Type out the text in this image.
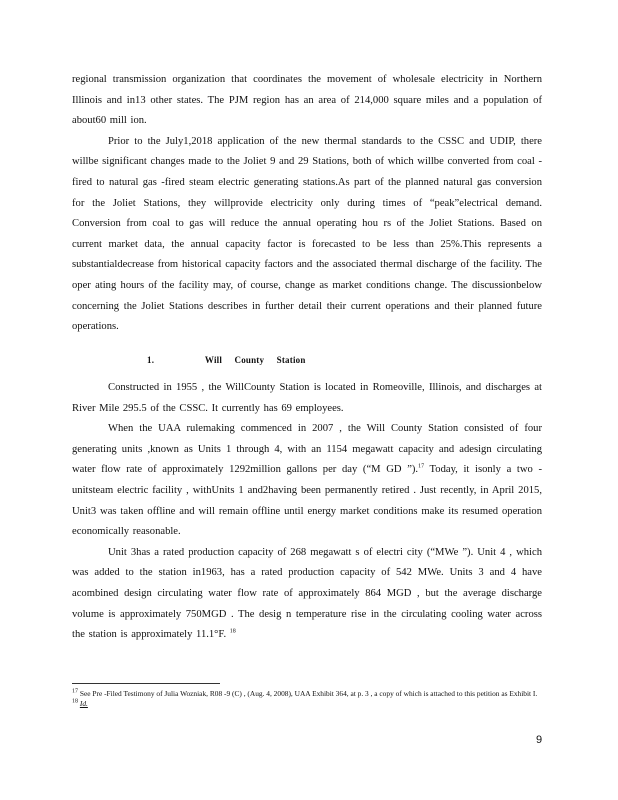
regional transmission organization that coordinates the movement of wholesale electricity in Northern Illinois and in13 other states. The PJM region has an area of 214,000 square miles and a population of about60 mill ion.

Prior to the July1,2018 application of the new thermal standards to the CSSC and UDIP, there willbe significant changes made to the Joliet 9 and 29 Stations, both of which willbe converted from coal -fired to natural gas -fired steam electric generating stations.As part of the planned natural gas conversion for the Joliet Stations, they willprovide electricity only during times of “peak”electrical demand. Conversion from coal to gas will reduce the annual operating hou rs of the Joliet Stations. Based on current market data, the annual capacity factor is forecasted to be less than 25%.This represents a substantialdecrease from historical capacity factors and the associated thermal discharge of the facility. The oper ating hours of the facility may, of course, change as market conditions change. The discussionbelow concerning the Joliet Stations describes in further detail their current operations and their planned future operations.

1.	Will County Station

Constructed in 1955 , the WillCounty Station is located in Romeoville, Illinois, and discharges at River Mile 295.5 of the CSSC. It currently has 69 employees.

When the UAA rulemaking commenced in 2007 , the Will County Station consisted of four generating units ,known as Units 1 through 4, with an 1154 megawatt capacity and adesign circulating water flow rate of approximately 1292million gallons per day (“M GD ”).$^{17}$ Today, it isonly a two -unitsteam electric facility , withUnits 1 and2having been permanently retired . Just recently, in April 2015, Unit3 was taken offline and will remain offline until energy market conditions make its resumed operation economically reasonable.

Unit 3has a rated production capacity of 268 megawatt s of electri city (“MWe ”). Unit 4 , which was added to the station in1963, has a rated production capacity of 542 MWe. Units 3 and 4 have acombined design circulating water flow rate of approximately 864 MGD , but the average discharge volume is approximately 750MGD . The desig n temperature rise in the circulating cooling water across the station is approximately 11.1°F. $^{18}$

$^{17}$ See Pre -Filed Testimony of Julia Wozniak, R08 -9 (C) , (Aug. 4, 2008), UAA Exhibit 364, at p. 3 , a copy of which is attached to this petition as Exhibit I.

$^{18}$ Id.

9
